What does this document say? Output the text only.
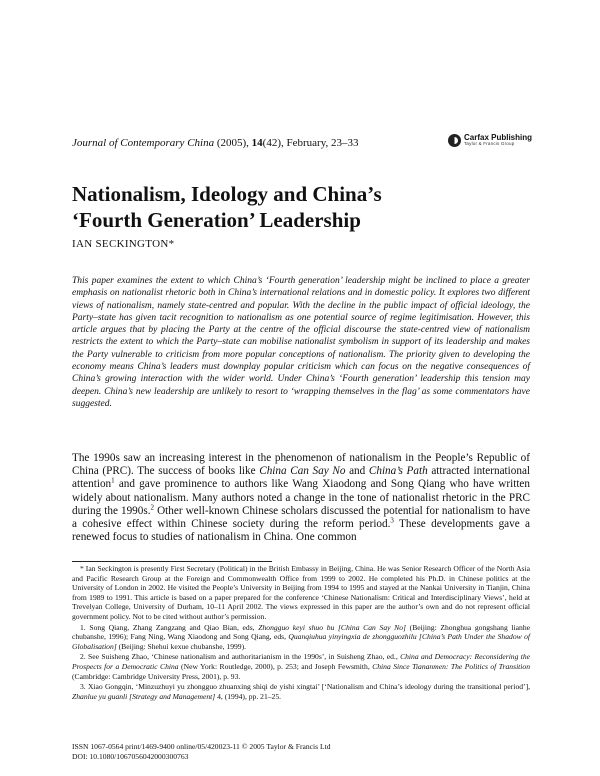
Journal of Contemporary China (2005), 14(42), February, 23–33	Carfax Publishing
Taylor & Francis Group
Nationalism, Ideology and China’s
‘Fourth Generation’ Leadership
IAN SECKINGTON*

This paper examines the extent to which China’s ‘Fourth generation’ leadership might be inclined to place a greater emphasis on nationalist rhetoric both in China’s international relations and in domestic policy. It explores two different views of nationalism, namely state-centred and popular. With the decline in the public impact of official ideology, the Party–state has given tacit recognition to nationalism as one potential source of regime legitimisation. However, this article argues that by placing the Party at the centre of the official discourse the state-centred view of nationalism restricts the extent to which the Party–state can mobilise nationalist symbolism in support of its leadership and makes the Party vulnerable to criticism from more popular conceptions of nationalism. The priority given to developing the economy means China’s leaders must downplay popular criticism which can focus on the negative consequences of China’s growing interaction with the wider world. Under China’s ‘Fourth generation’ leadership this tension may deepen. China’s new leadership are unlikely to resort to ‘wrapping themselves in the flag’ as some commentators have suggested.

The 1990s saw an increasing interest in the phenomenon of nationalism in the People’s Republic of China (PRC). The success of books like China Can Say No and China’s Path attracted international attention$^1$ and gave prominence to authors like Wang Xiaodong and Song Qiang who have written widely about nationalism. Many authors noted a change in the tone of nationalist rhetoric in the PRC during the 1990s.$^2$ Other well-known Chinese scholars discussed the potential for nationalism to have a cohesive effect within Chinese society during the reform period.$^3$ These developments gave a renewed focus to studies of nationalism in China. One common

* Ian Seckington is presently First Secretary (Political) in the British Embassy in Beijing, China. He was Senior Research Officer of the North Asia and Pacific Research Group at the Foreign and Commonwealth Office from 1999 to 2002. He completed his Ph.D. in Chinese politics at the University of London in 2002. He visited the People’s University in Beijing from 1994 to 1995 and stayed at the Nankai University in Tianjin, China from 1989 to 1991. This article is based on a paper prepared for the conference ‘Chinese Nationalism: Critical and Interdisciplinary Views’, held at Trevelyan College, University of Durham, 10–11 April 2002. The views expressed in this paper are the author’s own and do not represent official government policy. Not to be cited without author’s permission.

1. Song Qiang, Zhang Zangzang and Qiao Bian, eds, Zhongguo keyi shuo bu [China Can Say No] (Beijing: Zhonghua gongshang lianhe chubanshe, 1996); Fang Ning, Wang Xiaodong and Song Qiang, eds, Quanqiuhua yinyingxia de zhongguozhilu [China’s Path Under the Shadow of Globalisation] (Beijing: Shehui kexue chubanshe, 1999).

2. See Suisheng Zhao, ‘Chinese nationalism and authoritarianism in the 1990s’, in Suisheng Zhao, ed., China and Democracy: Reconsidering the Prospects for a Democratic China (New York: Routledge, 2000), p. 253; and Joseph Fewsmith, China Since Tiananmen: The Politics of Transition (Cambridge: Cambridge University Press, 2001), p. 93.

3. Xiao Gongqin, ‘Minzuzhuyi yu zhongguo zhuanxing shiqi de yishi xingtai’ [‘Nationalism and China’s ideology during the transitional period’], Zhanlue yu guanli [Strategy and Management] 4, (1994), pp. 21–25.

ISSN 1067-0564 print/1469-9400 online/05/420023-11 © 2005 Taylor & Francis Ltd
DOI: 10.1080/1067056042000300763
